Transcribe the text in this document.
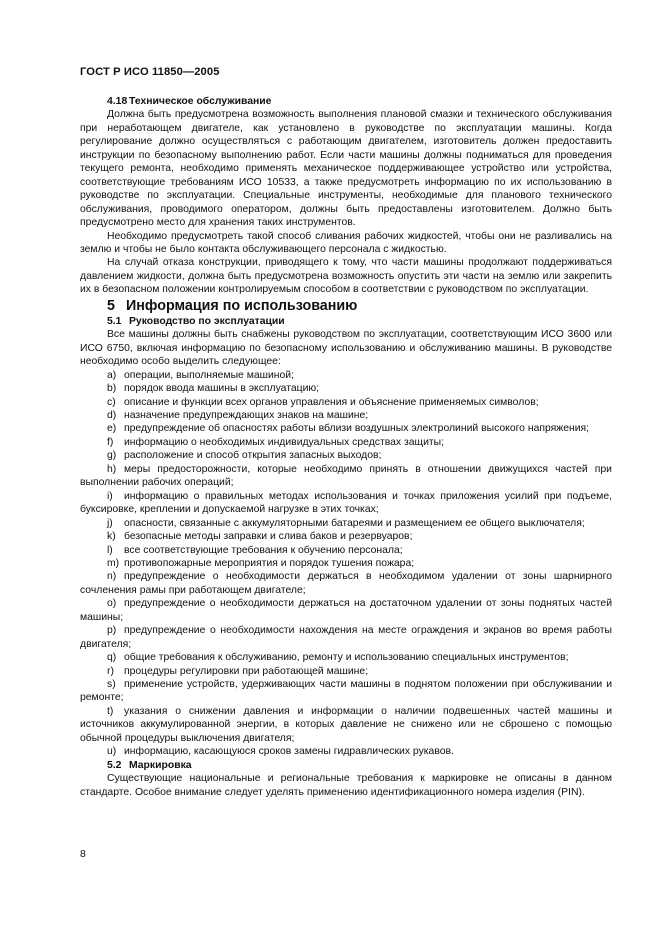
ГОСТ Р ИСО 11850—2005

4.18 Техническое обслуживание

Должна быть предусмотрена возможность выполнения плановой смазки и технического обслуживания при неработающем двигателе, как установлено в руководстве по эксплуатации машины. Когда регулирование должно осуществляться с работающим двигателем, изготовитель должен предоставить инструкции по безопасному выполнению работ. Если части машины должны подниматься для проведения текущего ремонта, необходимо применять механическое поддерживающее устройство или устройства, соответствующие требованиям ИСО 10533, а также предусмотреть информацию по их использованию в руководстве по эксплуатации. Специальные инструменты, необходимые для планового технического обслуживания, проводимого оператором, должны быть предоставлены изготовителем. Должно быть предусмотрено место для хранения таких инструментов.

Необходимо предусмотреть такой способ сливания рабочих жидкостей, чтобы они не разливались на землю и чтобы не было контакта обслуживающего персонала с жидкостью.

На случай отказа конструкции, приводящего к тому, что части машины продолжают поддерживаться давлением жидкости, должна быть предусмотрена возможность опустить эти части на землю или закрепить их в безопасном положении контролируемым способом в соответствии с руководством по эксплуатации.

5 Информация по использованию

5.1 Руководство по эксплуатации

Все машины должны быть снабжены руководством по эксплуатации, соответствующим ИСО 3600 или ИСО 6750, включая информацию по безопасному использованию и обслуживанию машины. В руководстве необходимо особо выделить следующее:

a) операции, выполняемые машиной;

b) порядок ввода машины в эксплуатацию;

c) описание и функции всех органов управления и объяснение применяемых символов;

d) назначение предупреждающих знаков на машине;

e) предупреждение об опасностях работы вблизи воздушных электролиний высокого напряжения;

f) информацию о необходимых индивидуальных средствах защиты;

g) расположение и способ открытия запасных выходов;

h) меры предосторожности, которые необходимо принять в отношении движущихся частей при выполнении рабочих операций;

i) информацию о правильных методах использования и точках приложения усилий при подъеме, буксировке, креплении и допускаемой нагрузке в этих точках;

j) опасности, связанные с аккумуляторными батареями и размещением ее общего выключателя;

k) безопасные методы заправки и слива баков и резервуаров;

l) все соответствующие требования к обучению персонала;

m) противопожарные мероприятия и порядок тушения пожара;

n) предупреждение о необходимости держаться в необходимом удалении от зоны шарнирного сочленения рамы при работающем двигателе;

o) предупреждение о необходимости держаться на достаточном удалении от зоны поднятых частей машины;

p) предупреждение о необходимости нахождения на месте ограждения и экранов во время работы двигателя;

q) общие требования к обслуживанию, ремонту и использованию специальных инструментов;

r) процедуры регулировки при работающей машине;

s) применение устройств, удерживающих части машины в поднятом положении при обслуживании и ремонте;

t) указания о снижении давления и информации о наличии подвешенных частей машины и источников аккумулированной энергии, в которых давление не снижено или не сброшено с помощью обычной процедуры выключения двигателя;

u) информацию, касающуюся сроков замены гидравлических рукавов.

5.2 Маркировка

Существующие национальные и региональные требования к маркировке не описаны в данном стандарте. Особое внимание следует уделять применению идентификационного номера изделия (PIN).

8
